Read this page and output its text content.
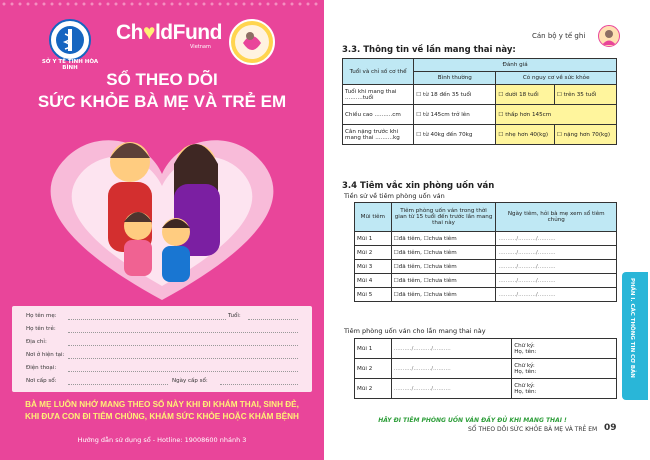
SỞ Y TẾ TỈNH HÒA BÌNH
Ch♥ldFund
Vietnam
SỔ THEO DÕI
SỨC KHỎE BÀ MẸ VÀ TRẺ EM
Họ tên mẹ:	Tuổi:
Họ tên trẻ:
Địa chỉ:
Nơi ở hiện tại:
Điện thoại:
Nơi cấp sổ:	Ngày cấp sổ:
BÀ MẸ LUÔN NHỚ MANG THEO SỔ NÀY KHI ĐI KHÁM THAI, SINH ĐẺ,
KHI ĐƯA CON ĐI TIÊM CHỦNG, KHÁM SỨC KHỎE HOẶC KHÁM BỆNH
Hướng dẫn sử dụng sổ - Hotline: 19008600 nhánh 3
PHẦN I. CÁC THÔNG TIN CƠ BẢN
Cán bộ y tế ghi
3.3. Thông tin về lần mang thai này:
Tuổi và chỉ số cơ thể	Đánh giá		
	Bình thường	Có nguy cơ về sức khỏe	
Tuổi khi mang thai ..........tuổi	☐ từ 18 đến 35 tuổi	☐ dưới 18 tuổi	☐ trên 35 tuổi
Chiều cao ..........cm	☐ từ 145cm trở lên	☐ thấp hơn 145cm	
Cân nặng trước khi mang thai ..........kg	☐ từ 40kg đến 70kg	☐ nhẹ hơn 40(kg)	☐ nặng hơn 70(kg)
3.4 Tiêm vắc xin phòng uốn ván
Tiền sử về tiêm phòng uốn ván
Mũi tiêm	Tiêm phòng uốn ván trong thời gian từ 15 tuổi đến trước lần mang thai này	Ngày tiêm, hỏi bà mẹ xem sổ tiêm chủng
Mũi 1	☐đã tiêm, ☐chưa tiêm	........../........../..........
Mũi 2	☐đã tiêm, ☐chưa tiêm	........../........../..........
Mũi 3	☐đã tiêm, ☐chưa tiêm	........../........../..........
Mũi 4	☐đã tiêm, ☐chưa tiêm	........../........../..........
Mũi 5	☐đã tiêm, ☐chưa tiêm	........../........../..........
Tiêm phòng uốn ván cho lần mang thai này
Mũi 1	........../........../..........	Chữ ký:
Họ, tên:
Mũi 2	........../........../..........	Chữ ký:
Họ, tên:
Mũi 2	........../........../..........	Chữ ký:
Họ, tên:
HÃY ĐI TIÊM PHÒNG UỐN VÁN ĐẦY ĐỦ KHI MANG THAI !
SỔ THEO DÕI SỨC KHỎE BÀ MẸ VÀ TRẺ EM 09
